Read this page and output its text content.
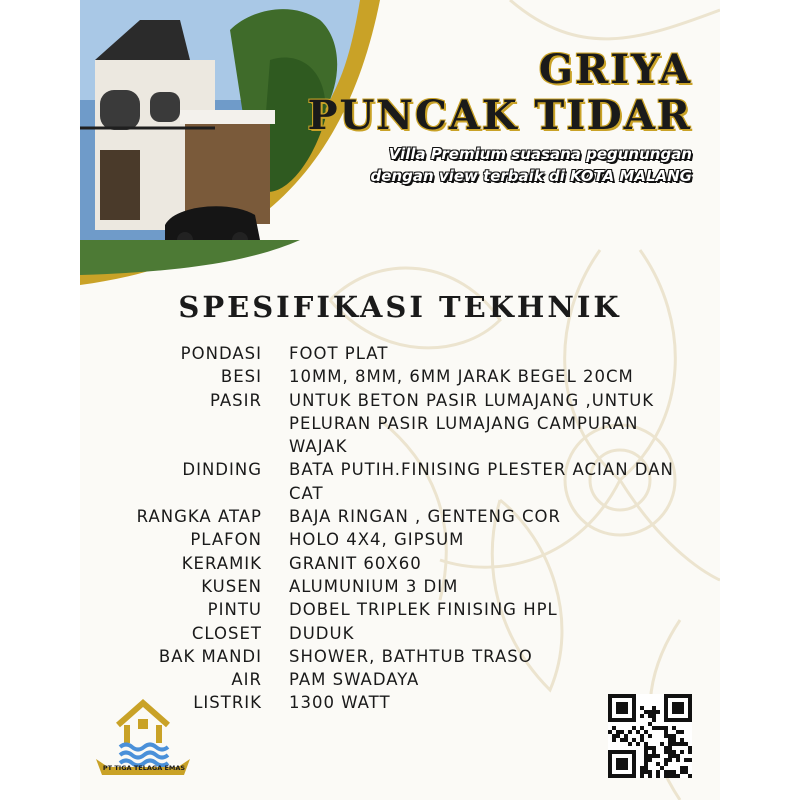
GRIYA
PUNCAK TIDAR
Villa Premium suasana pegunungan
dengan view terbaik di KOTA MALANG
SPESIFIKASI TEKHNIK
PONDASI FOOT PLAT
BESI 10MM, 8MM, 6MM JARAK BEGEL 20CM
PASIR UNTUK BETON PASIR LUMAJANG ,UNTUK PELURAN PASIR LUMAJANG CAMPURAN WAJAK
DINDING BATA PUTIH.FINISING PLESTER ACIAN DAN CAT
RANGKA ATAP BAJA RINGAN , GENTENG COR
PLAFON HOLO 4X4, GIPSUM
KERAMIK GRANIT 60X60
KUSEN ALUMUNIUM 3 DIM
PINTU DOBEL TRIPLEK FINISING HPL
CLOSET DUDUK
BAK MANDI SHOWER, BATHTUB TRASO
AIR PAM SWADAYA
LISTRIK 1300 WATT
PT TIGA TELAGA EMAS
